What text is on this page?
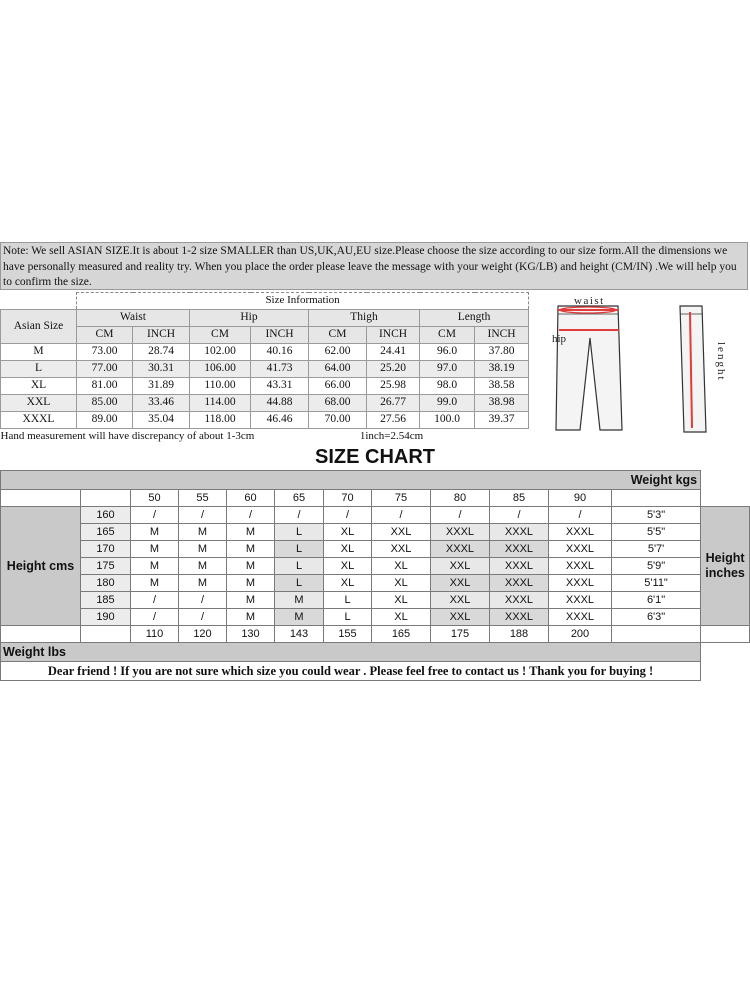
Note: We sell ASIAN SIZE.It is about 1-2 size SMALLER than US,UK,AU,EU size.Please choose the size according to our size form.All the dimensions we have personally measured and reality try. When you place the order please leave the message with your weight (KG/LB) and height (CM/IN) .We will help you to confirm the size.
	Size Information							
Asian Size	Waist		Hip		Thigh		Length	
	CM	INCH	CM	INCH	CM	INCH	CM	INCH
M	73.00	28.74	102.00	40.16	62.00	24.41	96.0	37.80
L	77.00	30.31	106.00	41.73	64.00	25.20	97.0	38.19
XL	81.00	31.89	110.00	43.31	66.00	25.98	98.0	38.58
XXL	85.00	33.46	114.00	44.88	68.00	26.77	99.0	38.98
XXXL	89.00	35.04	118.00	46.46	70.00	27.56	100.0	39.37
Hand measurement will have discrepancy of about 1-3cm					1inch=2.54cm			
waist
hip
lenght
SIZE CHART
Weight kgs												
		50	55	60	65	70	75	80	85	90		
Height cms	160	/	/	/	/	/	/	/	/	/	5'3"	Height inches
	165	M	M	M	L	XL	XXL	XXXL	XXXL	XXXL	5'5"	
	170	M	M	M	L	XL	XXL	XXXL	XXXL	XXXL	5'7'	
	175	M	M	M	L	XL	XL	XXL	XXXL	XXXL	5'9"	
	180	M	M	M	L	XL	XL	XXL	XXXL	XXXL	5'11"	
	185	/	/	M	M	L	XL	XXL	XXXL	XXXL	6'1"	
	190	/	/	M	M	L	XL	XXL	XXXL	XXXL	6'3"	
		110	120	130	143	155	165	175	188	200		
Weight lbs												
Dear friend ! If you are not sure which size you could wear . Please feel free to contact us ! Thank you for buying !												
